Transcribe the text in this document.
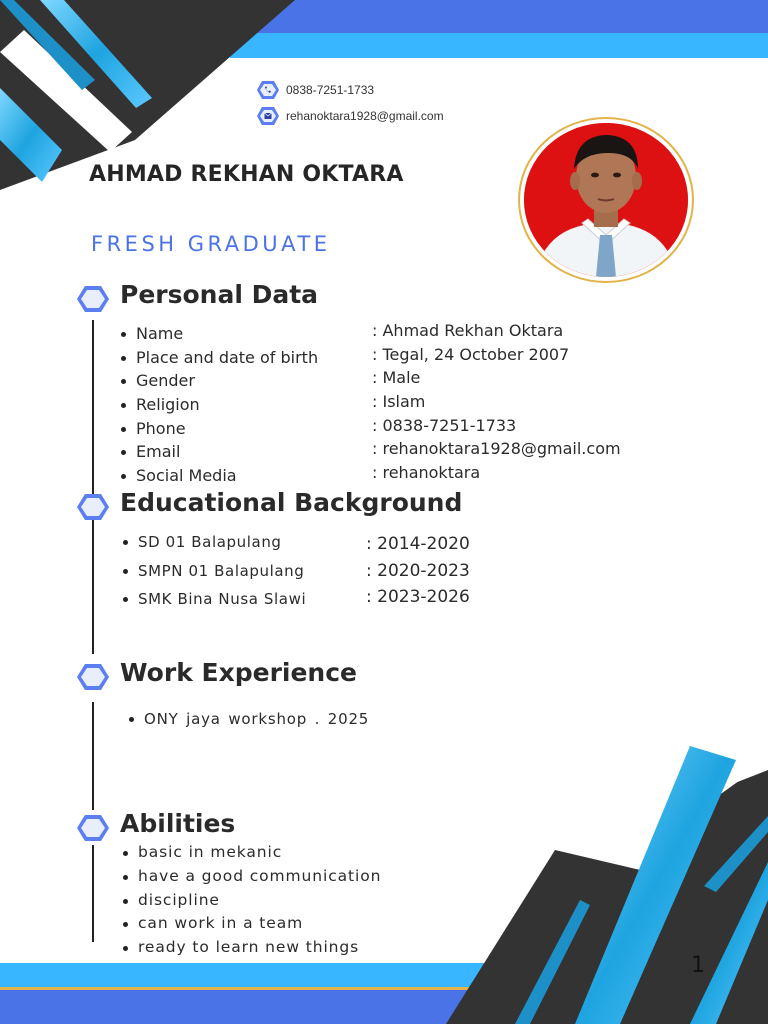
0838-7251-1733
rehanoktara1928@gmail.com
AHMAD REKHAN OKTARA
FRESH GRADUATE
Personal Data
Name
Place and date of birth
Gender
Religion
Phone
Email
Social Media
: Ahmad Rekhan Oktara
: Tegal, 24 October 2007
: Male
: Islam
: 0838-7251-1733
: rehanoktara1928@gmail.com
: rehanoktara
Educational Background
SD 01 Balapulang
SMPN 01 Balapulang
SMK Bina Nusa Slawi
: 2014-2020
: 2020-2023
: 2023-2026
Work Experience
ONY jaya workshop . 2025
Abilities
basic in mekanic
have a good communication
discipline
can work in a team
ready to learn new things
1
